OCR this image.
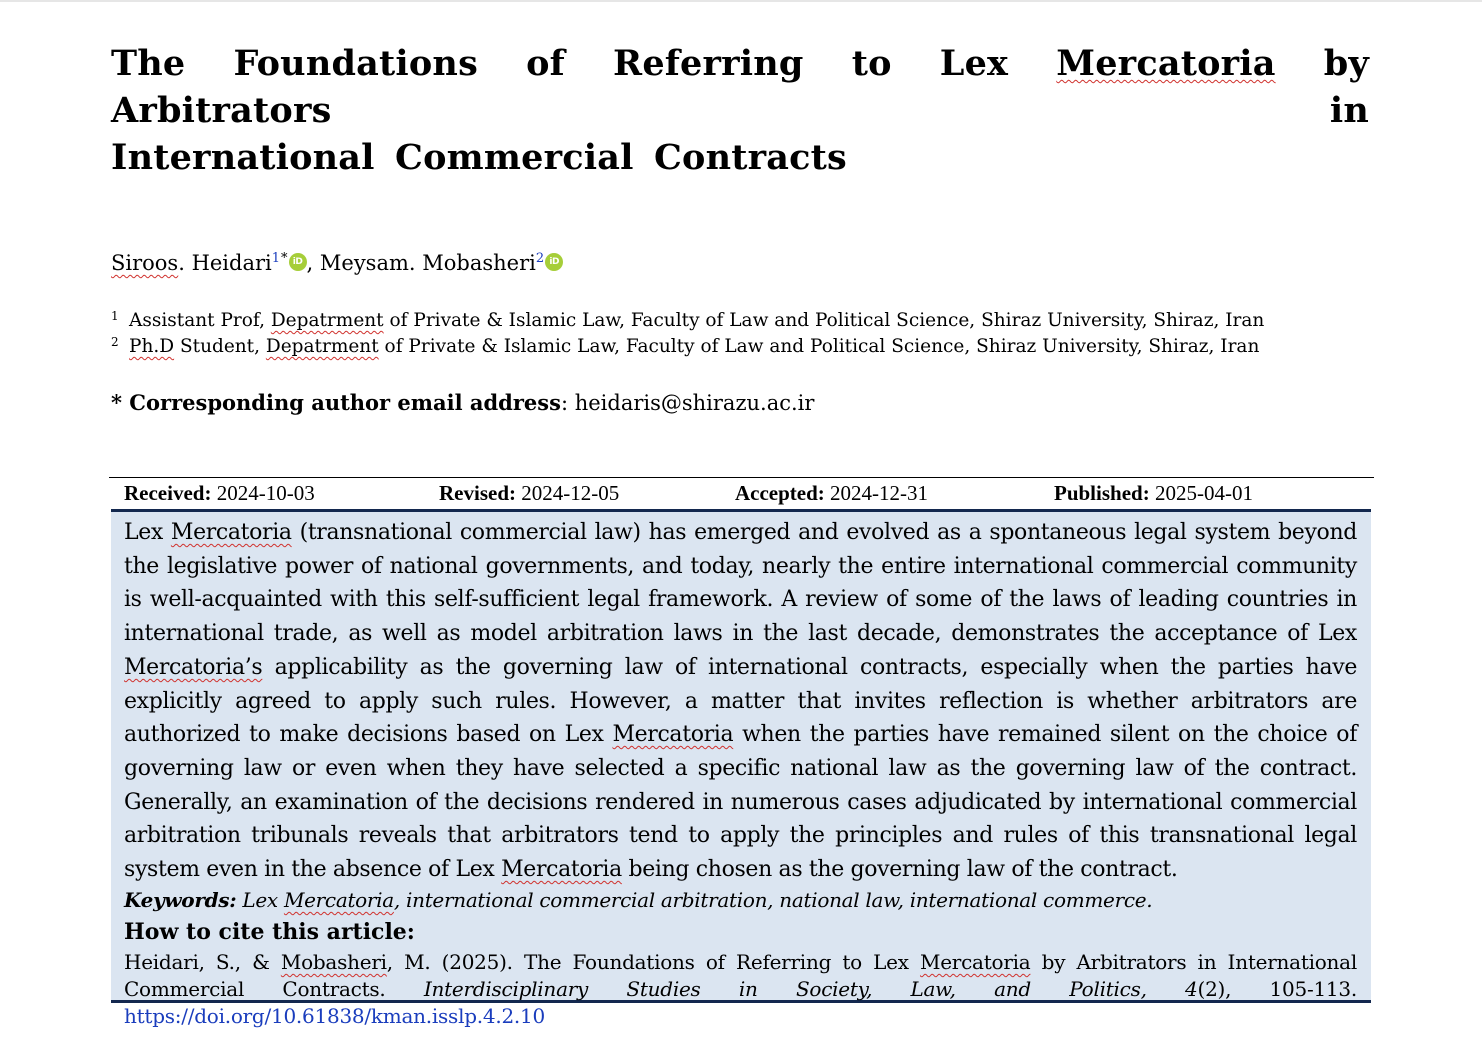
The Foundations of Referring to Lex Mercatoria by Arbitrators in
International Commercial Contracts
Siroos. Heidari$^{1*}$ iD , Meysam. Mobasheri$^2$ iD
1 Assistant Prof, Depatrment of Private & Islamic Law, Faculty of Law and Political Science, Shiraz University, Shiraz, Iran
2 Ph.D Student, Depatrment of Private & Islamic Law, Faculty of Law and Political Science, Shiraz University, Shiraz, Iran
* Corresponding author email address: heidaris@shirazu.ac.ir
Received: 2024-10-03	Revised: 2024-12-05	Accepted: 2024-12-31	Published: 2025-04-01

Lex Mercatoria (transnational commercial law) has emerged and evolved as a spontaneous legal system beyond the legislative power of national governments, and today, nearly the entire international commercial community is well-acquainted with this self-sufficient legal framework. A review of some of the laws of leading countries in international trade, as well as model arbitration laws in the last decade, demonstrates the acceptance of Lex Mercatoria’s applicability as the governing law of international contracts, especially when the parties have explicitly agreed to apply such rules. However, a matter that invites reflection is whether arbitrators are authorized to make decisions based on Lex Mercatoria when the parties have remained silent on the choice of governing law or even when they have selected a specific national law as the governing law of the contract. Generally, an examination of the decisions rendered in numerous cases adjudicated by international commercial arbitration tribunals reveals that arbitrators tend to apply the principles and rules of this transnational legal system even in the absence of Lex Mercatoria being chosen as the governing law of the contract.

Keywords: Lex Mercatoria, international commercial arbitration, national law, international commerce.

How to cite this article:

Heidari, S., & Mobasheri, M. (2025). The Foundations of Referring to Lex Mercatoria by Arbitrators in International Commercial Contracts. Interdisciplinary Studies in Society, Law, and Politics, 4(2), 105-113. https://doi.org/10.61838/kman.isslp.4.2.10
